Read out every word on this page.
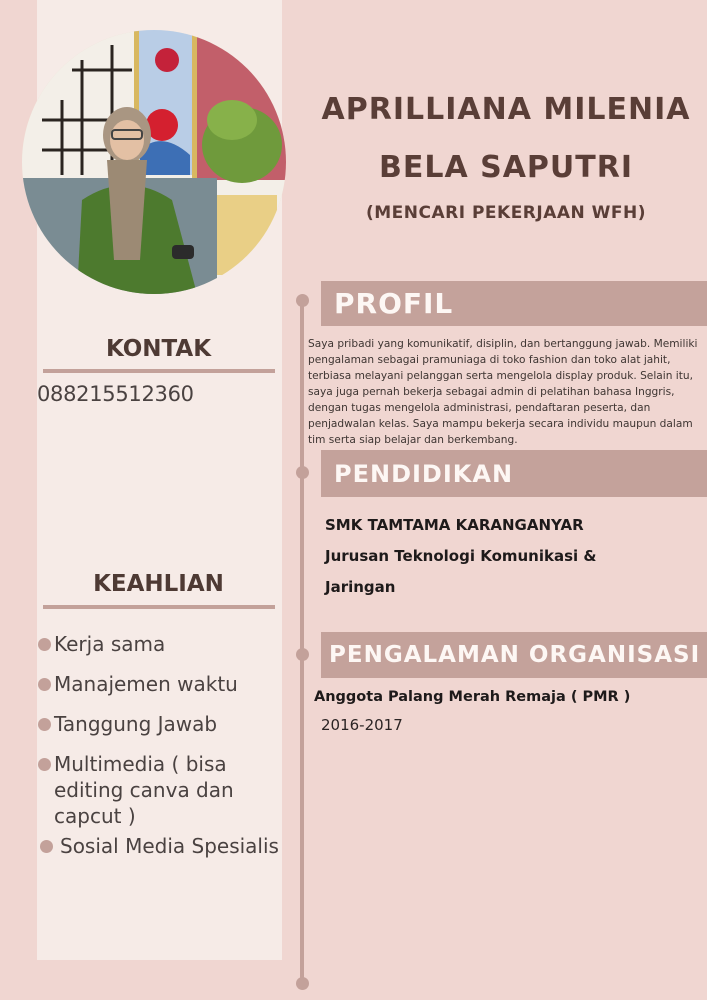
APRILLIANA MILENIA
BELA SAPUTRI
(MENCARI PEKERJAAN WFH)
KONTAK
088215512360
KEAHLIAN
Kerja sama
Manajemen waktu
Tanggung Jawab
Multimedia ( bisa editing canva dan capcut )
Sosial Media Spesialis
PROFIL
Saya pribadi yang komunikatif, disiplin, dan bertanggung jawab. Memiliki pengalaman sebagai pramuniaga di toko fashion dan toko alat jahit, terbiasa melayani pelanggan serta mengelola display produk. Selain itu, saya juga pernah bekerja sebagai admin di pelatihan bahasa Inggris, dengan tugas mengelola administrasi, pendaftaran peserta, dan penjadwalan kelas. Saya mampu bekerja secara individu maupun dalam tim serta siap belajar dan berkembang.
PENDIDIKAN
SMK TAMTAMA KARANGANYAR
Jurusan Teknologi Komunikasi &
Jaringan
PENGALAMAN ORGANISASI
Anggota Palang Merah Remaja ( PMR )
2016-2017
